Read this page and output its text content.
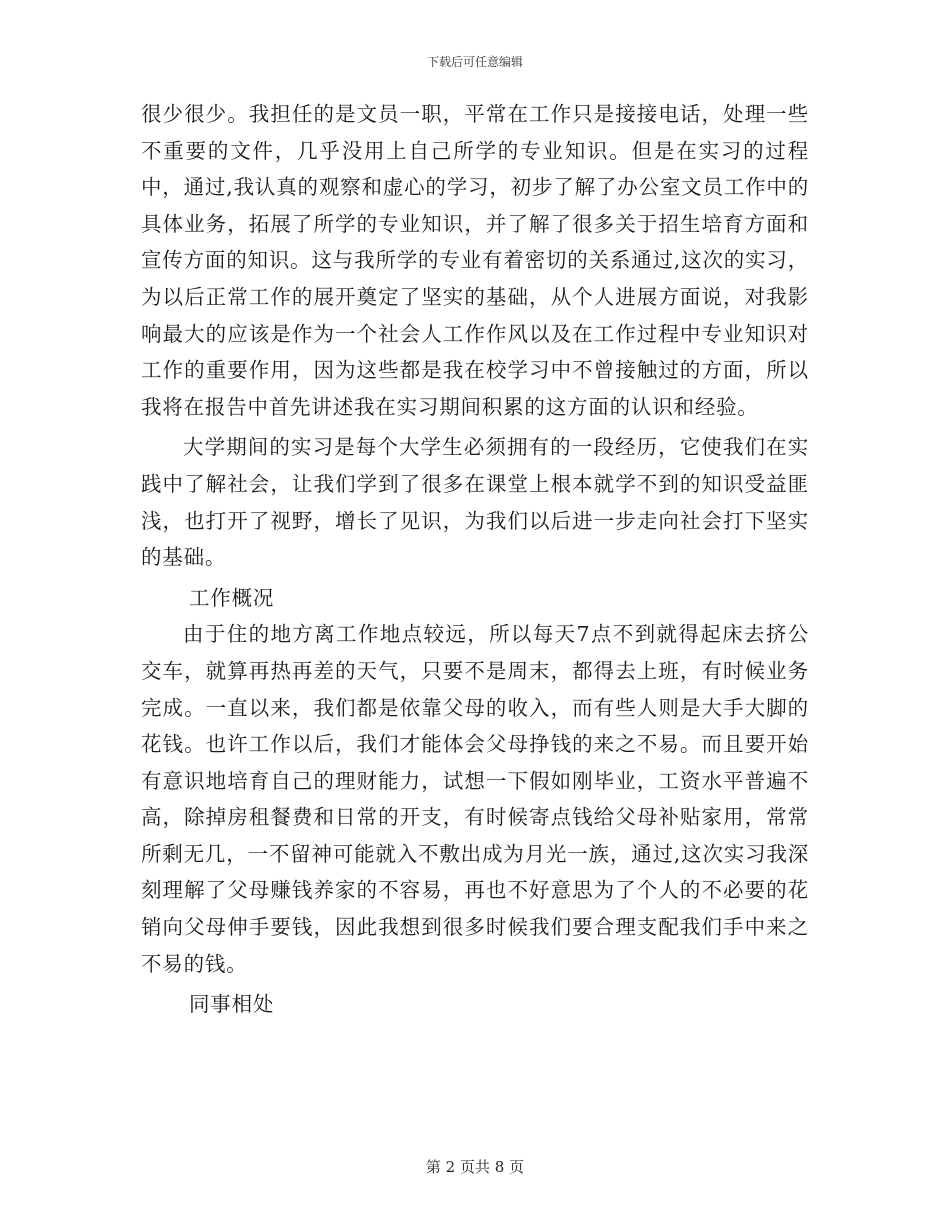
下载后可任意编辑

很少很少。我担任的是文员一职，平常在工作只是接接电话，处理一些不重要的文件，几乎没用上自己所学的专业知识。但是在实习的过程中，通过,我认真的观察和虚心的学习，初步了解了办公室文员工作中的具体业务，拓展了所学的专业知识，并了解了很多关于招生培育方面和宣传方面的知识。这与我所学的专业有着密切的关系通过,这次的实习，为以后正常工作的展开奠定了坚实的基础，从个人进展方面说，对我影响最大的应该是作为一个社会人工作作风以及在工作过程中专业知识对工作的重要作用，因为这些都是我在校学习中不曾接触过的方面，所以我将在报告中首先讲述我在实习期间积累的这方面的认识和经验。

大学期间的实习是每个大学生必须拥有的一段经历，它使我们在实践中了解社会，让我们学到了很多在课堂上根本就学不到的知识受益匪浅，也打开了视野，增长了见识，为我们以后进一步走向社会打下坚实的基础。

工作概况

由于住的地方离工作地点较远，所以每天7点不到就得起床去挤公交车，就算再热再差的天气，只要不是周末，都得去上班，有时候业务完成。一直以来，我们都是依靠父母的收入，而有些人则是大手大脚的花钱。也许工作以后，我们才能体会父母挣钱的来之不易。而且要开始有意识地培育自己的理财能力，试想一下假如刚毕业，工资水平普遍不高，除掉房租餐费和日常的开支，有时候寄点钱给父母补贴家用，常常所剩无几，一不留神可能就入不敷出成为月光一族，通过,这次实习我深刻理解了父母赚钱养家的不容易，再也不好意思为了个人的不必要的花销向父母伸手要钱，因此我想到很多时候我们要合理支配我们手中来之不易的钱。

同事相处

第 2 页共 8 页
